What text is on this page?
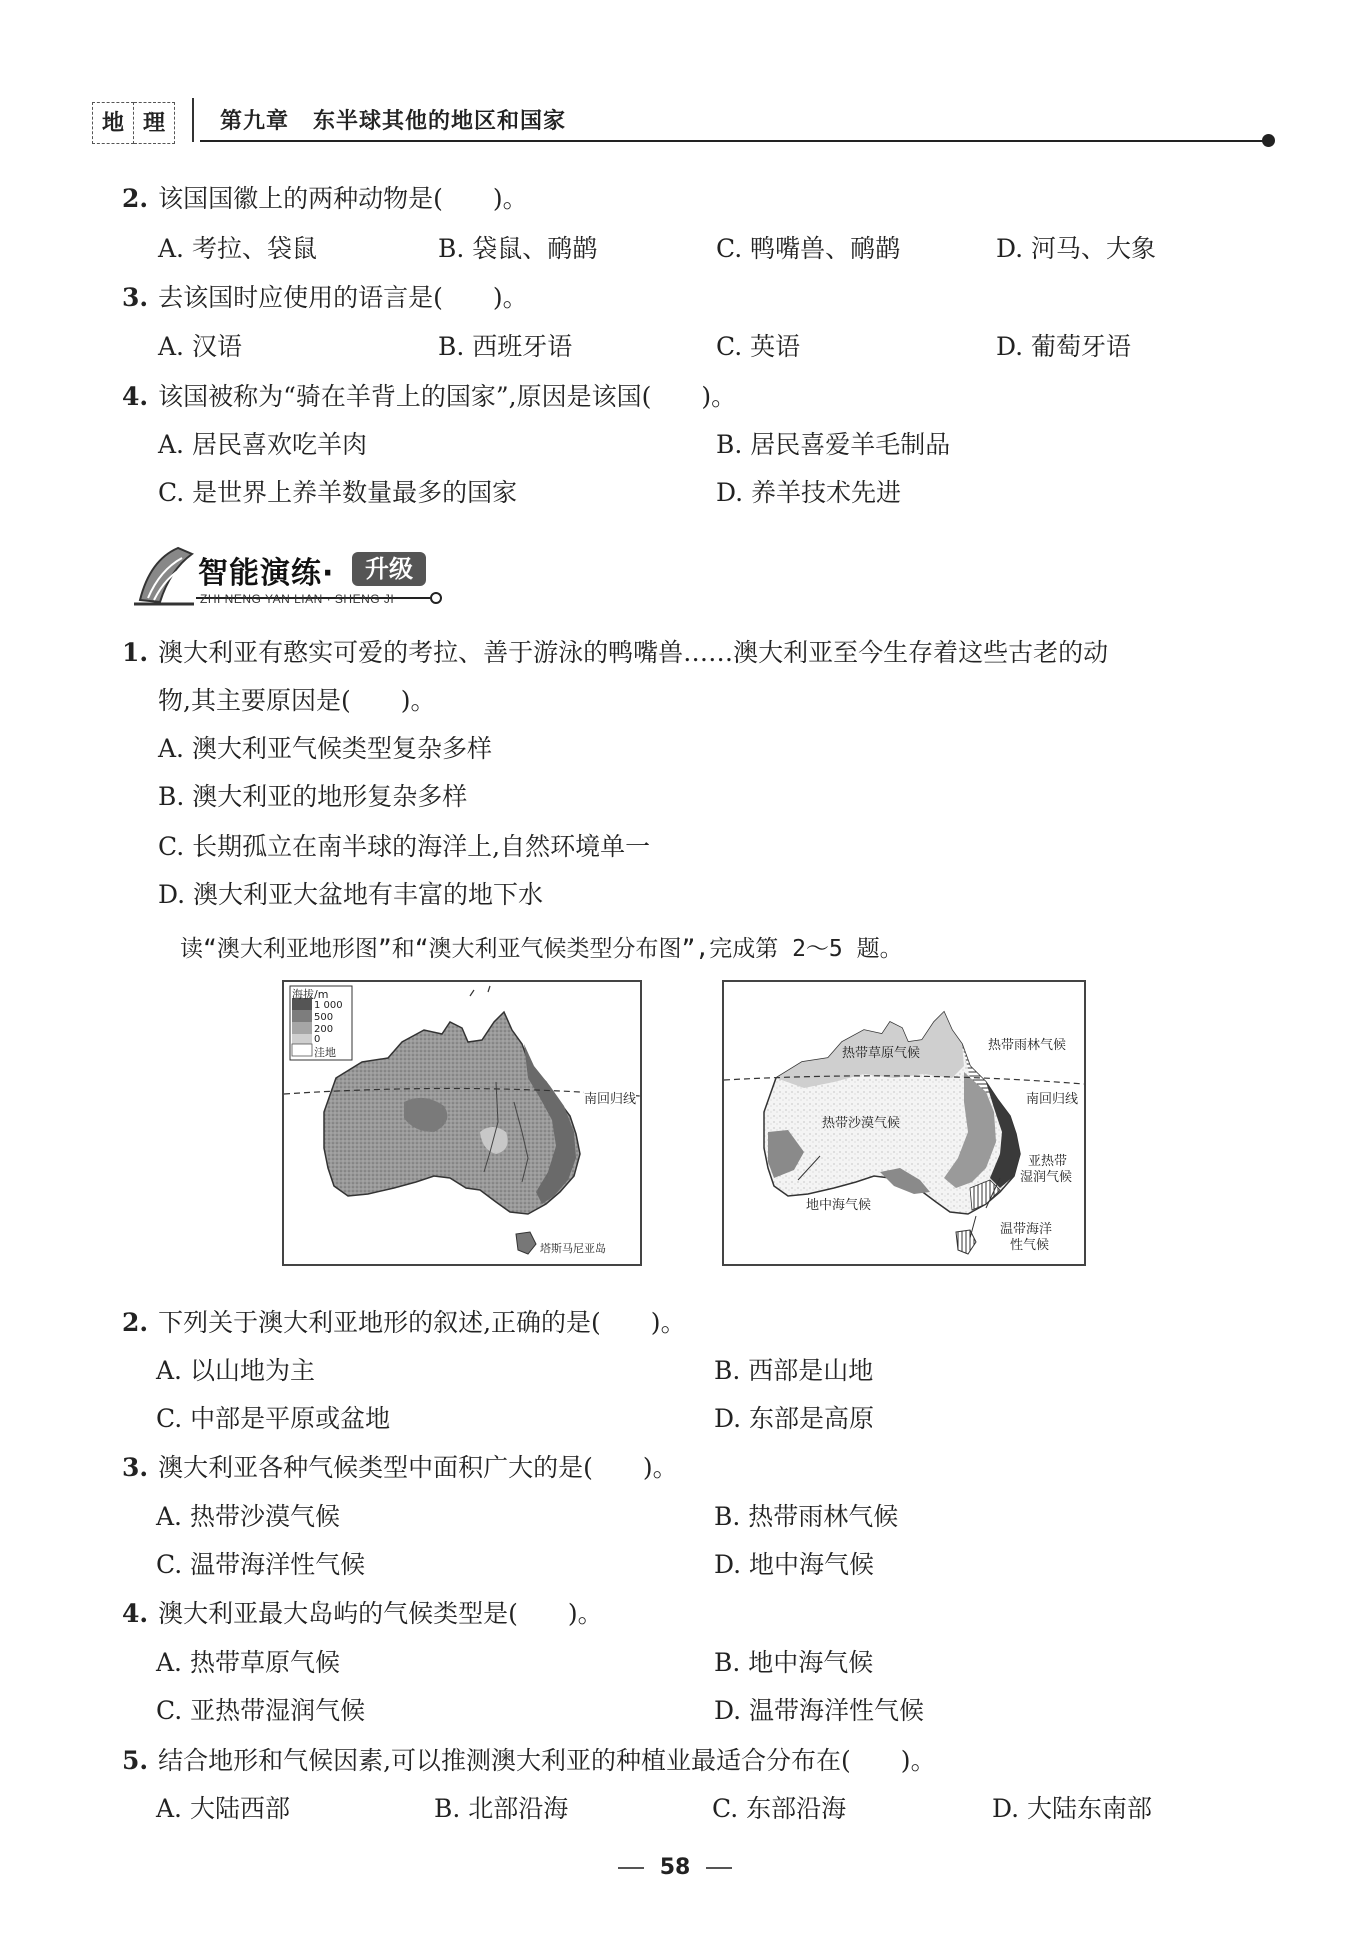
地 理	第九章 东半球其他的地区和国家
2. 该国国徽上的两种动物是(　　)。
A. 考拉、袋鼠	B. 袋鼠、鸸鹋	C. 鸭嘴兽、鸸鹋	D. 河马、大象
3. 去该国时应使用的语言是(　　)。
A. 汉语	B. 西班牙语	C. 英语	D. 葡萄牙语
4. 该国被称为“骑在羊背上的国家”,原因是该国(　　)。
A. 居民喜欢吃羊肉	B. 居民喜爱羊毛制品
C. 是世界上养羊数量最多的国家	D. 养羊技术先进
智能演练·	升级
ZHI NENG YAN LIAN · SHENG JI
1. 澳大利亚有憨实可爱的考拉、善于游泳的鸭嘴兽……澳大利亚至今生存着这些古老的动
物,其主要原因是(　　)。
A. 澳大利亚气候类型复杂多样
B. 澳大利亚的地形复杂多样
C. 长期孤立在南半球的海洋上,自然环境单一
D. 澳大利亚大盆地有丰富的地下水
读“澳大利亚地形图”和“澳大利亚气候类型分布图”,完成第 2～5 题。
海拔/m
1 000
500
200
0
洼地
南回归线
塔斯马尼亚岛
热带草原气候
热带雨林气候
南回归线
热带沙漠气候
亚热带
湿润气候
地中海气候
温带海洋
性气候
2. 下列关于澳大利亚地形的叙述,正确的是(　　)。
A. 以山地为主	B. 西部是山地
C. 中部是平原或盆地	D. 东部是高原
3. 澳大利亚各种气候类型中面积广大的是(　　)。
A. 热带沙漠气候	B. 热带雨林气候
C. 温带海洋性气候	D. 地中海气候
4. 澳大利亚最大岛屿的气候类型是(　　)。
A. 热带草原气候	B. 地中海气候
C. 亚热带湿润气候	D. 温带海洋性气候
5. 结合地形和气候因素,可以推测澳大利亚的种植业最适合分布在(　　)。
A. 大陆西部	B. 北部沿海	C. 东部沿海	D. 大陆东南部
58
